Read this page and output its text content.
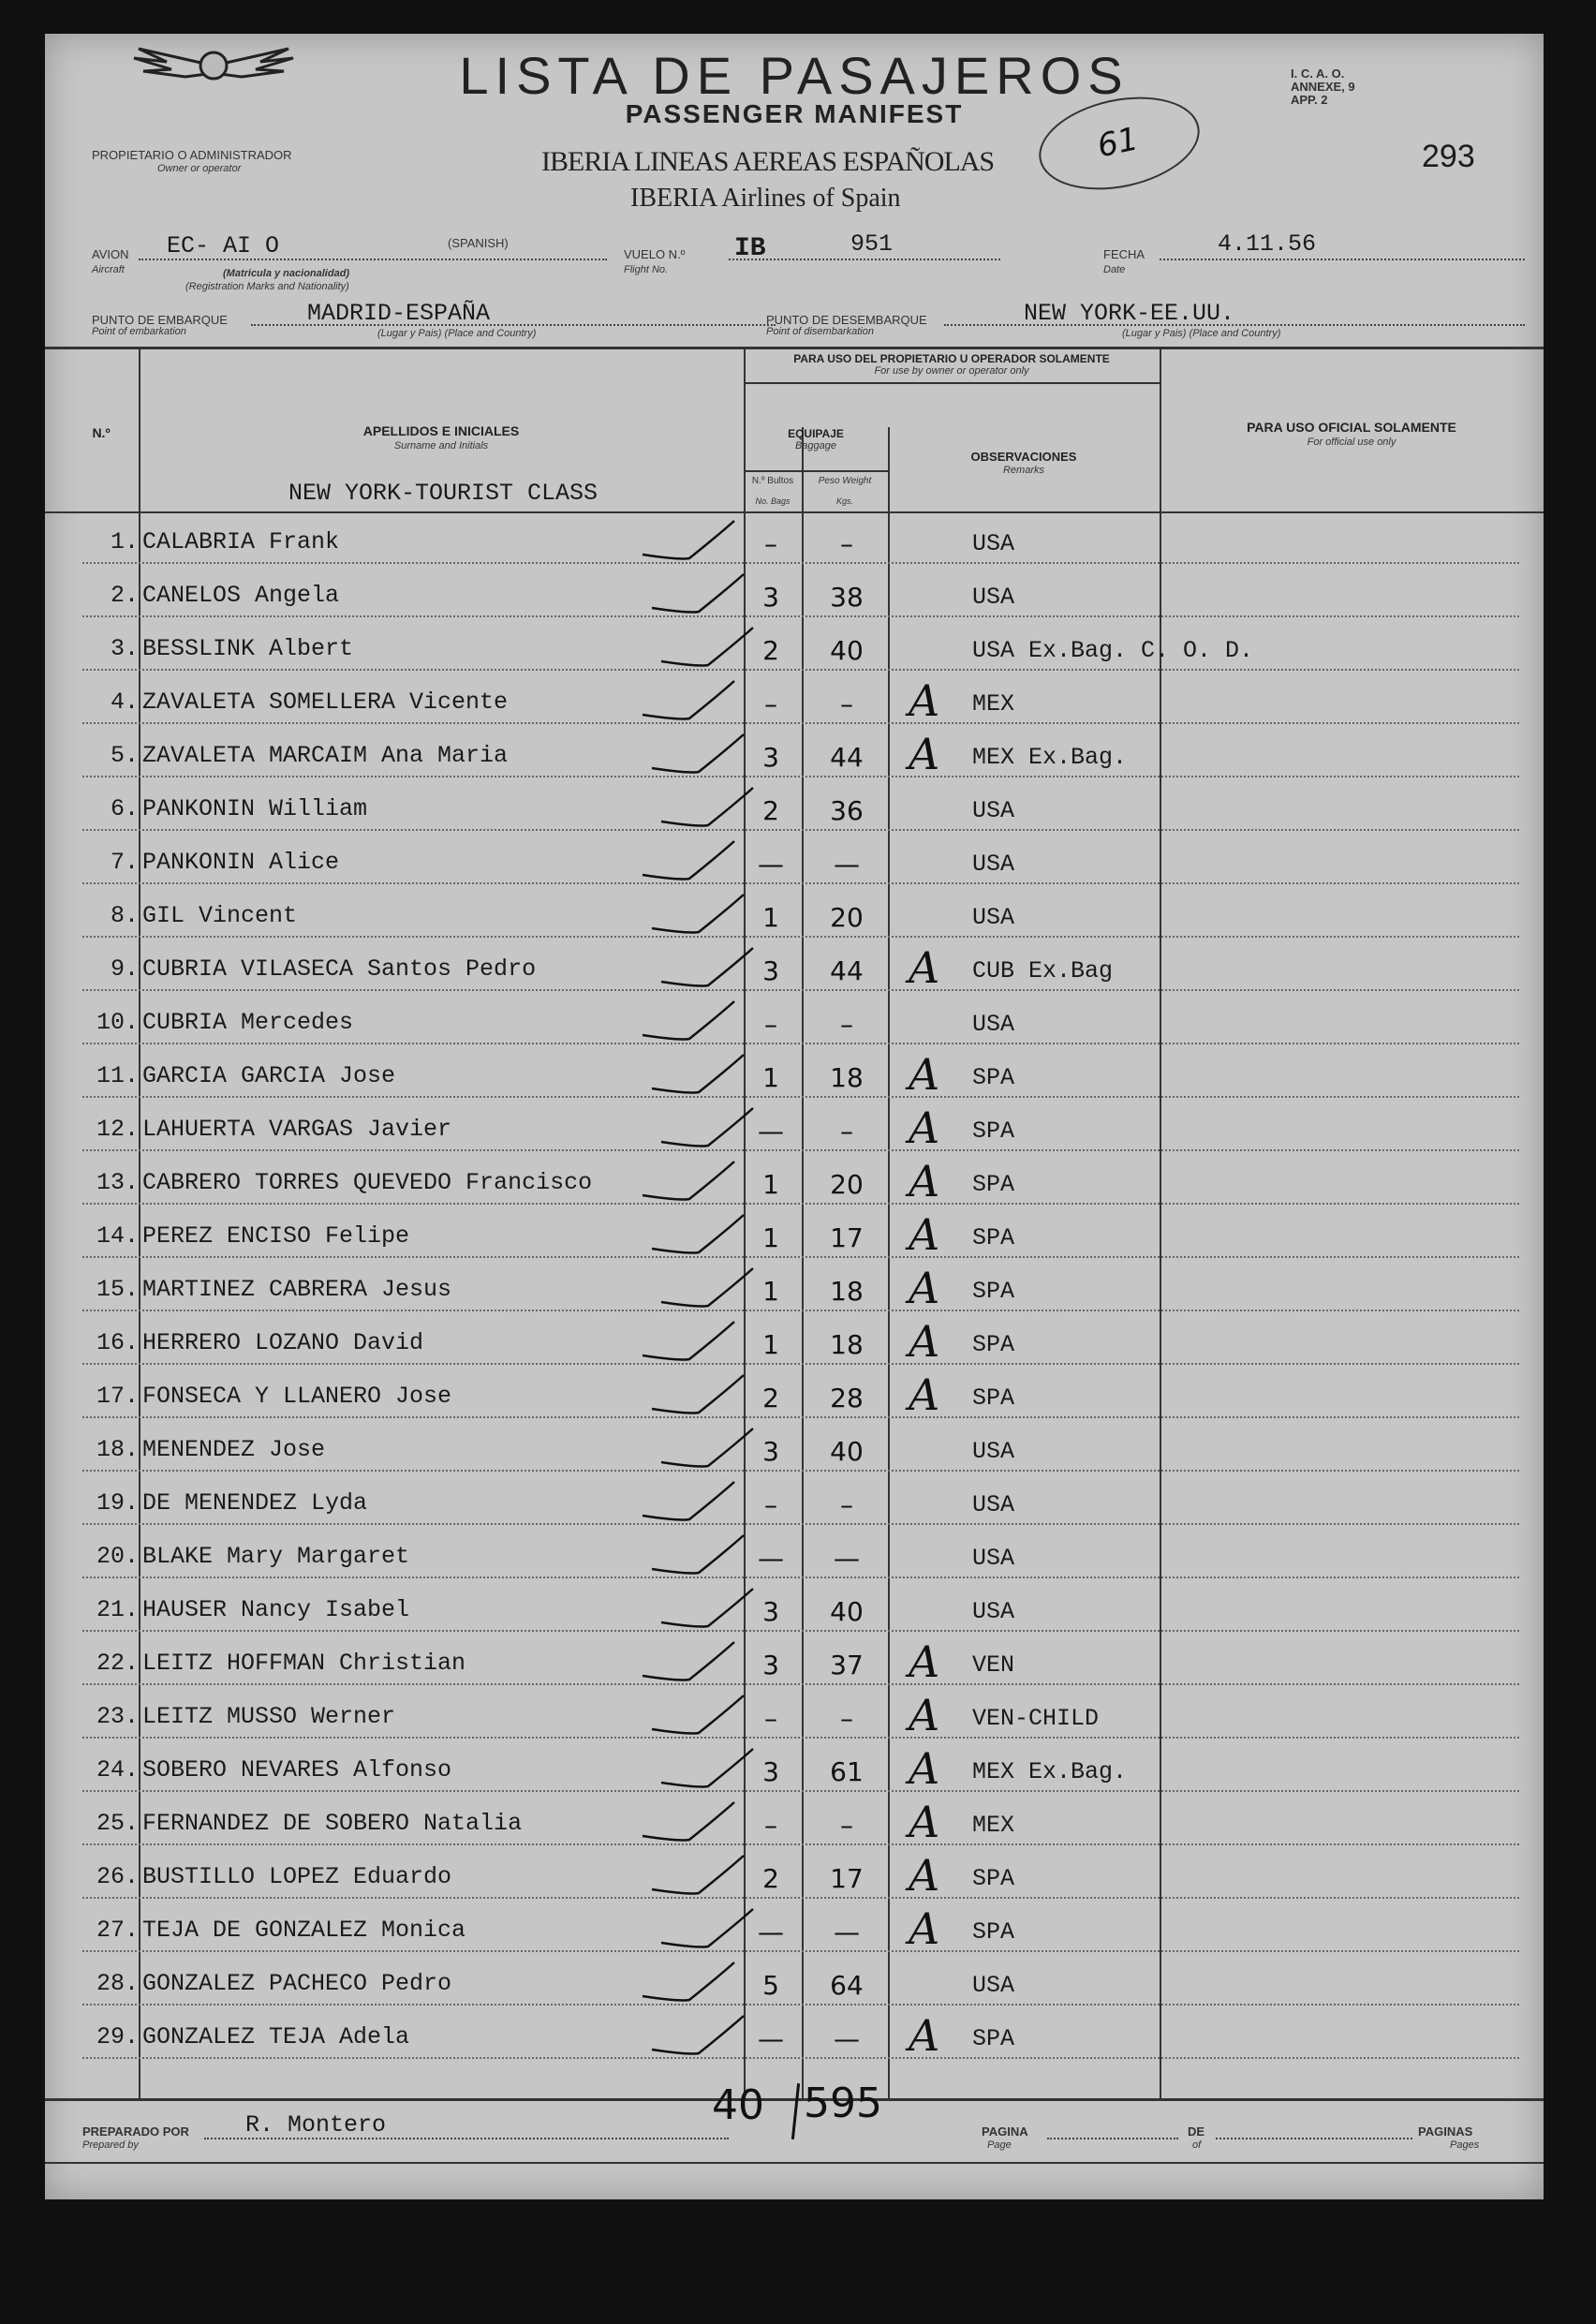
LISTA DE PASAJEROS
PASSENGER MANIFEST
I. C. A. O.
ANNEXE, 9
APP. 2
293
61
PROPIETARIO O ADMINISTRADOR
Owner or operator	IBERIA LINEAS AEREAS ESPAÑOLAS
IBERIA Airlines of Spain
AVION
Aircraft
EC- AI O	(SPANISH)
(Matricula y nacionalidad)
(Registration Marks and Nationality)
VUELO N.º
Flight No.
IB	951	FECHA
Date
4.11.56
PUNTO DE EMBARQUE
Point of embarkation
MADRID-ESPAÑA
(Lugar y Pais) (Place and Country)
PUNTO DE DESEMBARQUE
Point of disembarkation
NEW YORK-EE.UU.
(Lugar y Pais) (Place and Country)
N.º	APELLIDOS E INICIALES
Surname and Initials
NEW YORK-TOURIST CLASS
PARA USO DEL PROPIETARIO U OPERADOR SOLAMENTE
For use by owner or operator only
EQUIPAJE
Baggage
N.º Bultos
No. Bags
Peso Weight
Kgs.
OBSERVACIONES
Remarks
PARA USO OFICIAL SOLAMENTE
For official use only
1. CALABRIA Frank	–	–	USA
2. CANELOS Angela	3	38	USA
3. BESSLINK Albert	2	40	USA Ex.Bag. C. O. D.
4. ZAVALETA SOMELLERA Vicente	–	–	A MEX
5. ZAVALETA MARCAIM Ana Maria	3	44	A MEX Ex.Bag.
6. PANKONIN William	2	36	USA
7. PANKONIN Alice	—	—	USA
8. GIL Vincent	1	20	USA
9. CUBRIA VILASECA Santos Pedro	3	44	A CUB Ex.Bag
10. CUBRIA Mercedes	–	–	USA
11. GARCIA GARCIA Jose	1	18	A SPA
12. LAHUERTA VARGAS Javier	—	–	A SPA
13. CABRERO TORRES QUEVEDO Francisco	1	20	A SPA
14. PEREZ ENCISO Felipe	1	17	A SPA
15. MARTINEZ CABRERA Jesus	1	18	A SPA
16. HERRERO LOZANO David	1	18	A SPA
17. FONSECA Y LLANERO Jose	2	28	A SPA
18. MENENDEZ Jose	3	40	USA
19. DE MENENDEZ Lyda	–	–	USA
20. BLAKE Mary Margaret	—	—	USA
21. HAUSER Nancy Isabel	3	40	USA
22. LEITZ HOFFMAN Christian	3	37	A VEN
23. LEITZ MUSSO Werner	–	–	A VEN-CHILD
24. SOBERO NEVARES Alfonso	3	61	A MEX Ex.Bag.
25. FERNANDEZ DE SOBERO Natalia	–	–	A MEX
26. BUSTILLO LOPEZ Eduardo	2	17	A SPA
27. TEJA DE GONZALEZ Monica	—	—	A SPA
28. GONZALEZ PACHECO Pedro	5	64	USA
29. GONZALEZ TEJA Adela	—	—	A SPA
PREPARADO POR
Prepared by
R. Montero	40 595
PAGINA
Page
DE
of
PAGINAS
Pages
